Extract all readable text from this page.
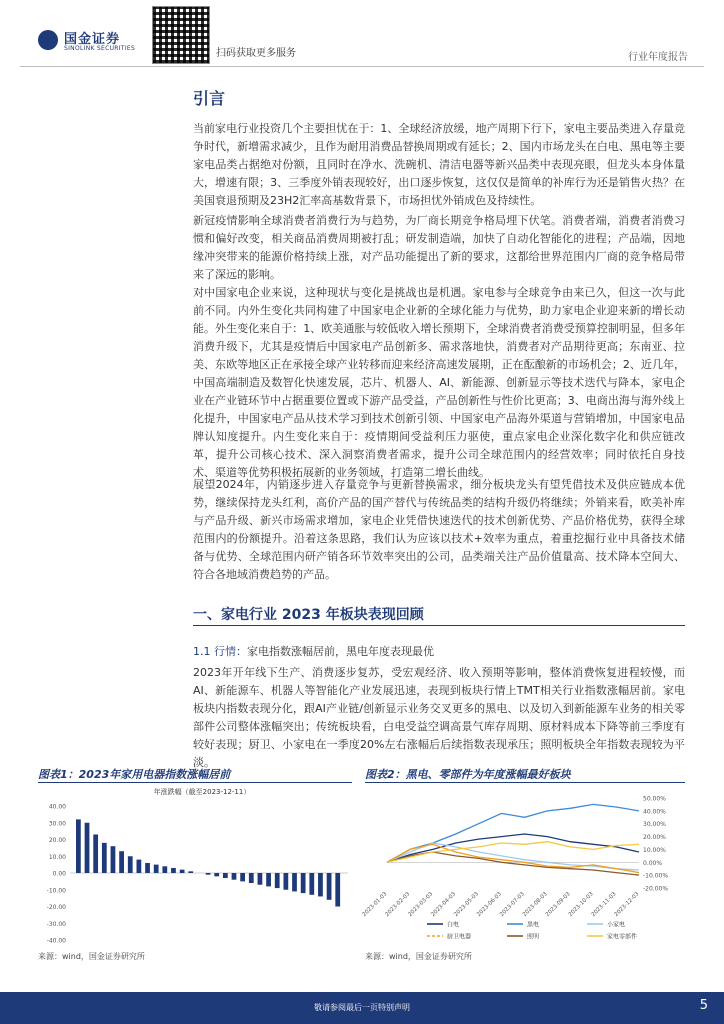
国金证券
SINOLINK SECURITIES	扫码获取更多服务	行业年度报告
引言

当前家电行业投资几个主要担忧在于：1、全球经济放缓，地产周期下行下，家电主要品类进入存量竞争时代，新增需求减少，且作为耐用消费品替换周期或有延长；2、国内市场龙头在白电、黑电等主要家电品类占据绝对份额，且同时在净水、洗碗机、清洁电器等新兴品类中表现亮眼，但龙头本身体量大，增速有限；3、三季度外销表现较好，出口逐步恢复，这仅仅是简单的补库行为还是销售火热？在美国衰退预期及23H2汇率高基数背景下，市场担忧外销成色及持续性。

新冠疫情影响全球消费者消费行为与趋势，为厂商长期竞争格局埋下伏笔。消费者端，消费者消费习惯和偏好改变，相关商品消费周期被打乱；研发制造端，加快了自动化智能化的进程；产品端，因地缘冲突带来的能源价格持续上涨，对产品功能提出了新的要求，这都给世界范围内厂商的竞争格局带来了深远的影响。

对中国家电企业来说，这种现状与变化是挑战也是机遇。家电参与全球竞争由来已久，但这一次与此前不同。内外生变化共同构建了中国家电企业新的全球化能力与优势，助力家电企业迎来新的增长动能。外生变化来自于：1、欧美通胀与较低收入增长预期下，全球消费者消费受预算控制明显，但多年消费升级下，尤其是疫情后中国家电产品创新多、需求落地快，消费者对产品期待更高；东南亚、拉美、东欧等地区正在承接全球产业转移而迎来经济高速发展期，正在酝酿新的市场机会；2、近几年，中国高端制造及数智化快速发展，芯片、机器人、AI、新能源、创新显示等技术迭代与降本，家电企业在产业链环节中占据重要位置或下游产品受益，产品创新性与性价比更高；3、电商出海与海外线上化提升，中国家电产品从技术学习到技术创新引领、中国家电产品海外渠道与营销增加，中国家电品牌认知度提升。内生变化来自于：疫情期间受益利压力驱使，重点家电企业深化数字化和供应链改革，提升公司核心技术、深入洞察消费者需求，提升公司全球范围内的经营效率；同时依托自身技术、渠道等优势积极拓展新的业务领域，打造第二增长曲线。

展望2024年，内销逐步进入存量竞争与更新替换需求，细分板块龙头有望凭借技术及供应链成本优势，继续保持龙头红利，高价产品的国产替代与传统品类的结构升级仍将继续；外销来看，欧美补库与产品升级、新兴市场需求增加，家电企业凭借快速迭代的技术创新优势、产品价格优势，获得全球范围内的份额提升。沿着这条思路，我们认为应该以技术+效率为重点，着重挖掘行业中具备技术储备与优势、全球范围内研产销各环节效率突出的公司，品类端关注产品价值量高、技术降本空间大、符合各地域消费趋势的产品。

一、家电行业 2023 年板块表现回顾
1.1 行情：家电指数涨幅居前，黑电年度表现最优

2023年开年线下生产、消费逐步复苏，受宏观经济、收入预期等影响，整体消费恢复进程较慢，而AI、新能源车、机器人等智能化产业发展迅速，表现到板块行情上TMT相关行业指数涨幅居前。家电板块内指数表现分化，跟AI产业链/创新显示业务交叉更多的黑电、以及切入到新能源车业务的相关零部件公司整体涨幅突出；传统板块看，白电受益空调高景气库存周期、原材料成本下降等前三季度有较好表现；厨卫、小家电在一季度20%左右涨幅后后续指数表现承压；照明板块全年指数表现较为平淡。

图表1：2023年家用电器指数涨幅居前
年涨跌幅（截至2023-12-11）
40.00
30.00
20.00
10.00
0.00
-10.00
-20.00
-30.00
-40.00
来源：wind，国金证券研究所
图表2：黑电、零部件为年度涨幅最好板块
50.00%
40.00%
30.00%
20.00%
10.00%
0.00%
-10.00%
-20.00%
2023-01-03
2023-02-03
2023-03-03
2023-04-03
2023-05-03
2023-06-03
2023-07-03
2023-08-03
2023-09-03
2023-10-03
2023-11-03
2023-12-03
白电	黑电	小家电
厨卫电器	照明	家电零部件
来源：wind，国金证券研究所
敬请参阅最后一页特别声明	5
